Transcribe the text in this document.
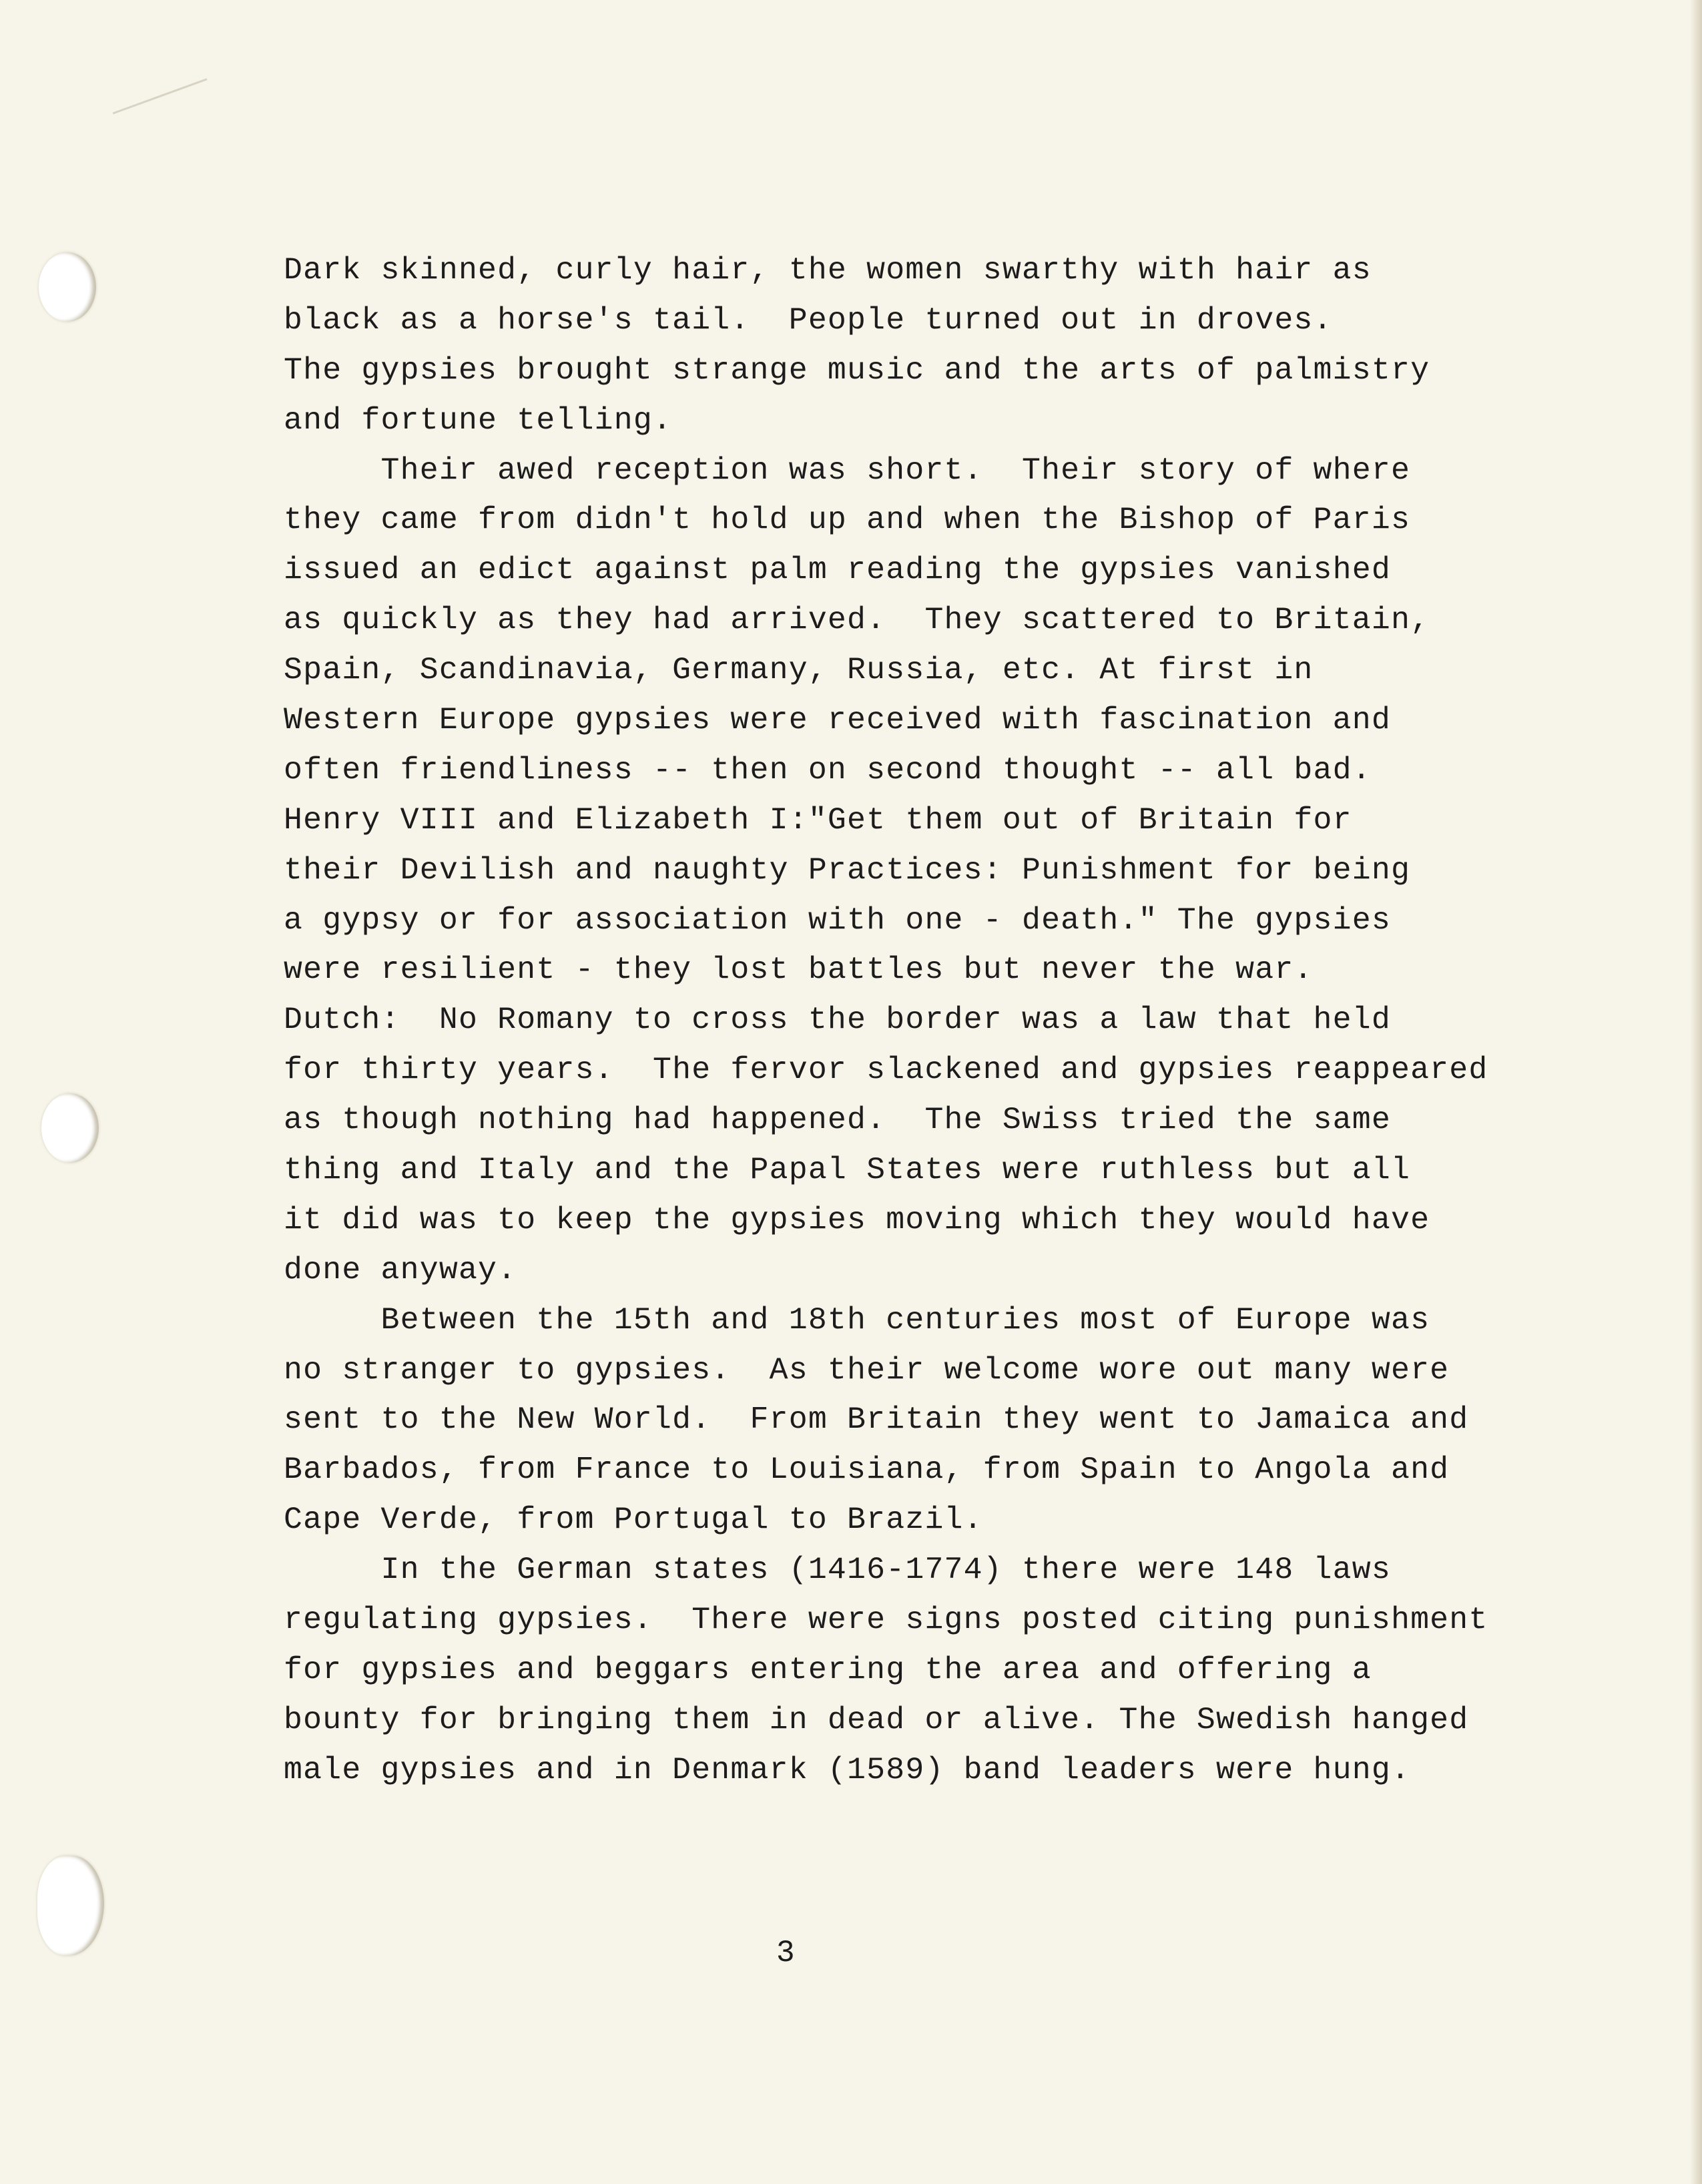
Dark skinned, curly hair, the women swarthy with hair as
black as a horse's tail.  People turned out in droves.
The gypsies brought strange music and the arts of palmistry
and fortune telling.
Their awed reception was short.  Their story of where
they came from didn't hold up and when the Bishop of Paris
issued an edict against palm reading the gypsies vanished
as quickly as they had arrived.  They scattered to Britain,
Spain, Scandinavia, Germany, Russia, etc. At first in
Western Europe gypsies were received with fascination and
often friendliness -- then on second thought -- all bad.
Henry VIII and Elizabeth I:"Get them out of Britain for
their Devilish and naughty Practices: Punishment for being
a gypsy or for association with one - death." The gypsies
were resilient - they lost battles but never the war.
Dutch:  No Romany to cross the border was a law that held
for thirty years.  The fervor slackened and gypsies reappeared
as though nothing had happened.  The Swiss tried the same
thing and Italy and the Papal States were ruthless but all
it did was to keep the gypsies moving which they would have
done anyway.
Between the 15th and 18th centuries most of Europe was
no stranger to gypsies.  As their welcome wore out many were
sent to the New World.  From Britain they went to Jamaica and
Barbados, from France to Louisiana, from Spain to Angola and
Cape Verde, from Portugal to Brazil.
In the German states (1416-1774) there were 148 laws
regulating gypsies.  There were signs posted citing punishment
for gypsies and beggars entering the area and offering a
bounty for bringing them in dead or alive. The Swedish hanged
male gypsies and in Denmark (1589) band leaders were hung.
3
